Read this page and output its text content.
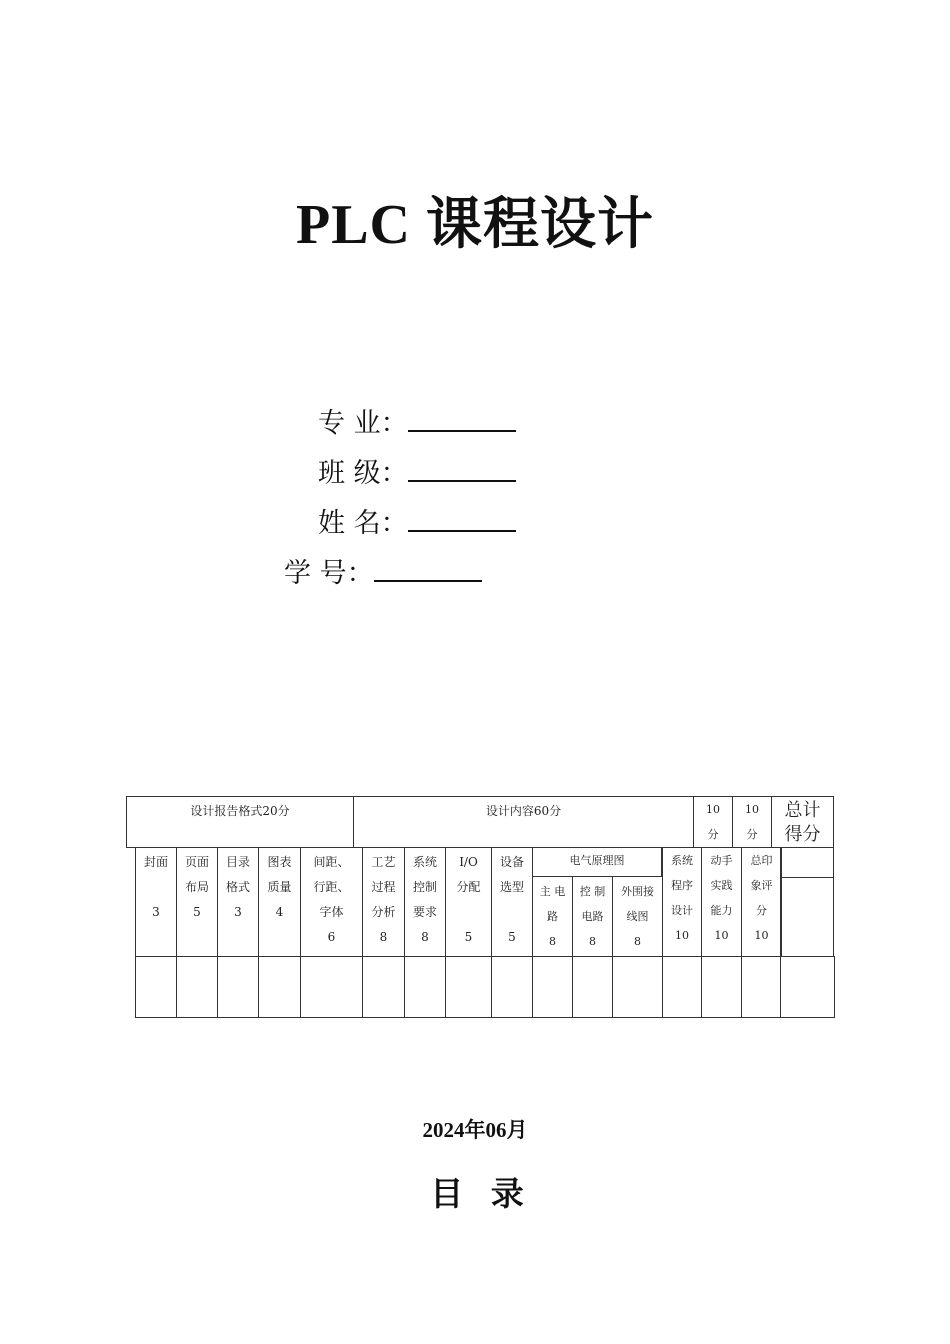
PLC 课程设计
专 业：
班 级：
姓 名：
学 号：
设计报告格式20分	设计内容60分	10
分
10
分
总计
得分
封面

3
页面
布局
5
目录
格式
3
图表
质量
4
间距、
行距、
字体
6
工艺
过程
分析
8
系统
控制
要求
8
I/O
分配

5
设备
选型

5
电气原理图
主 电
路
8
控 制
电路
8
外围接
线图
8
系统
程序
设计
10
动手
实践
能力
10
总印
象评
分
10
2024年06月
目 录
